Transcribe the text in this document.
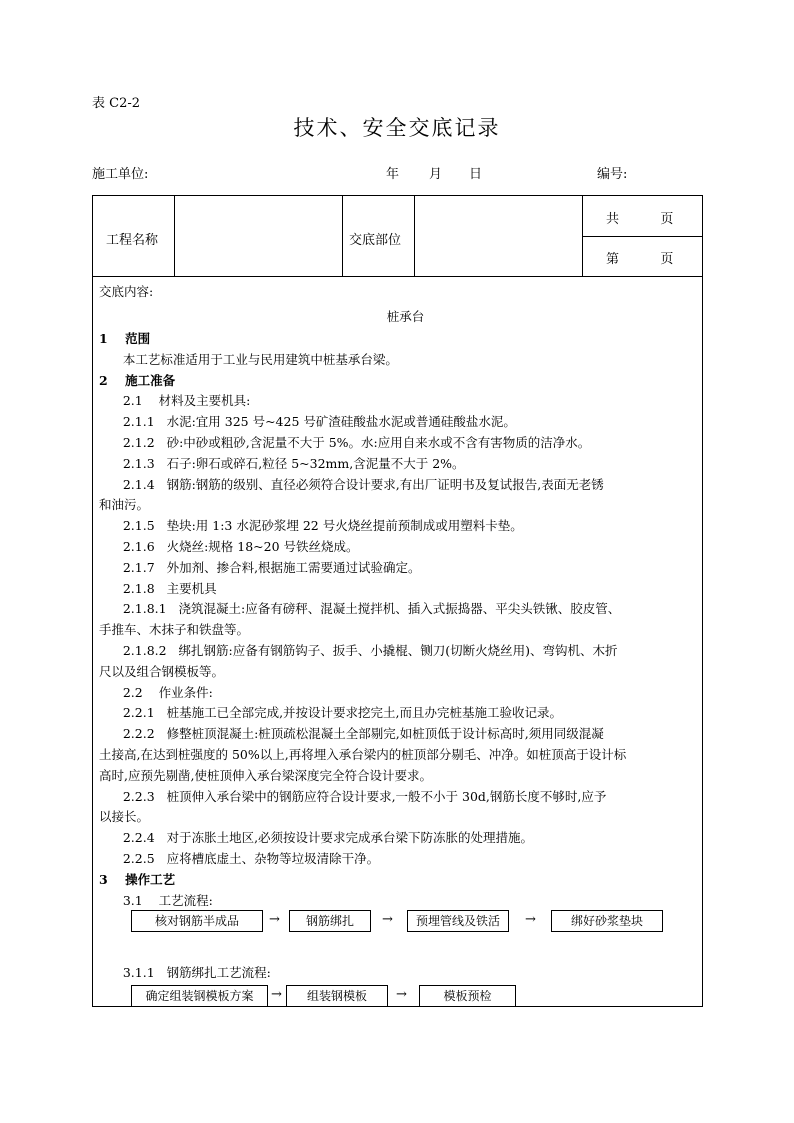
表 C2-2
技术、安全交底记录
施工单位:	年 月 日	编号:
工程名称	交底部位
共          页
第          页
交底内容:
桩承台
1    范围
本工艺标准适用于工业与民用建筑中桩基承台梁。
2    施工准备
2.1    材料及主要机具:
2.1.1   水泥:宜用 325 号~425 号矿渣硅酸盐水泥或普通硅酸盐水泥。
2.1.2   砂:中砂或粗砂,含泥量不大于 5%。水:应用自来水或不含有害物质的洁净水。
2.1.3   石子:卵石或碎石,粒径 5~32mm,含泥量不大于 2%。
2.1.4   钢筋:钢筋的级别、直径必须符合设计要求,有出厂证明书及复试报告,表面无老锈
和油污。
2.1.5   垫块:用 1:3 水泥砂浆埋 22 号火烧丝提前预制成或用塑料卡垫。
2.1.6   火烧丝:规格 18~20 号铁丝烧成。
2.1.7   外加剂、掺合料,根据施工需要通过试验确定。
2.1.8   主要机具
2.1.8.1   浇筑混凝土:应备有磅秤、混凝土搅拌机、插入式振捣器、平尖头铁锹、胶皮管、
手推车、木抹子和铁盘等。
2.1.8.2   绑扎钢筋:应备有钢筋钩子、扳手、小撬棍、铡刀(切断火烧丝用)、弯钩机、木折
尺以及组合钢模板等。
2.2    作业条件:
2.2.1   桩基施工已全部完成,并按设计要求挖完土,而且办完桩基施工验收记录。
2.2.2   修整桩顶混凝土:桩顶疏松混凝土全部剔完,如桩顶低于设计标高时,须用同级混凝
土接高,在达到桩强度的 50%以上,再将埋入承台梁内的桩顶部分剔毛、冲净。如桩顶高于设计标
高时,应预先剔凿,使桩顶伸入承台梁深度完全符合设计要求。
2.2.3   桩顶伸入承台梁中的钢筋应符合设计要求,一般不小于 30d,钢筋长度不够时,应予
以接长。
2.2.4   对于冻胀土地区,必须按设计要求完成承台梁下防冻胀的处理措施。
2.2.5   应将槽底虚土、杂物等垃圾清除干净。
3    操作工艺
3.1    工艺流程:
核对钢筋半成品	→	钢筋绑扎	→	预埋管线及铁活	→	绑好砂浆垫块
3.1.1   钢筋绑扎工艺流程:
确定组装钢模板方案	→	组装钢模板	→	模板预检
